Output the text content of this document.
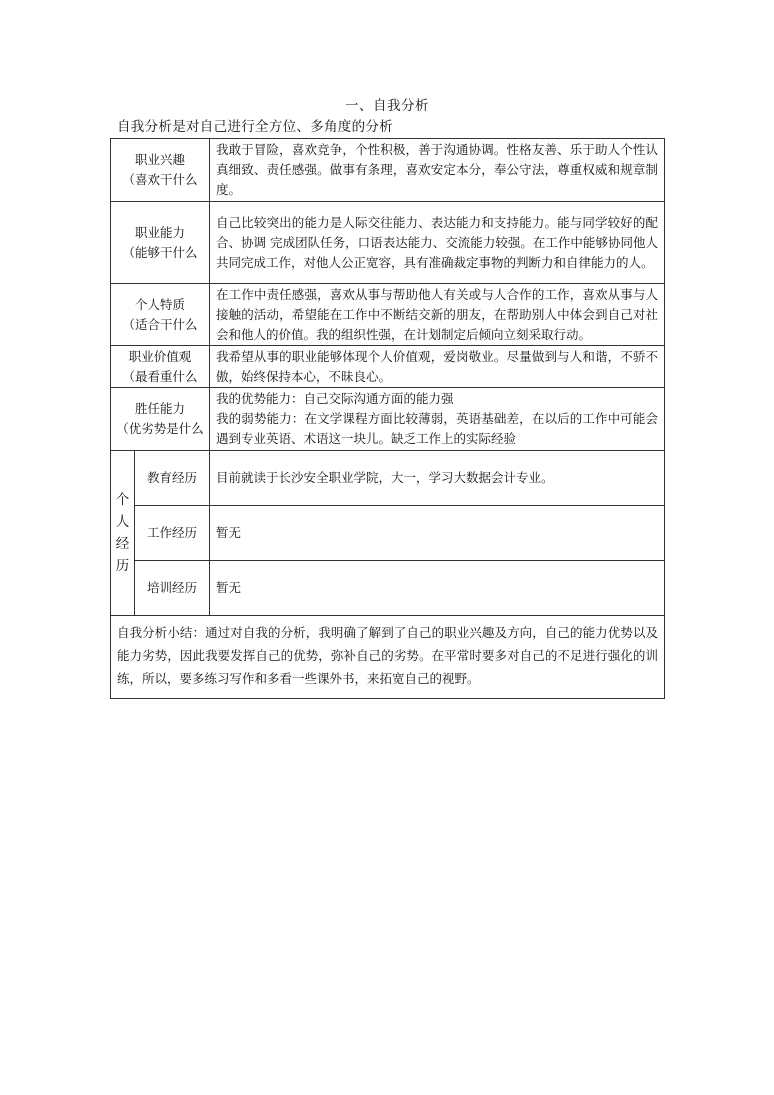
一、自我分析
自我分析是对自己进行全方位、多角度的分析
职业兴趣
（喜欢干什么		我敢于冒险，喜欢竞争，个性积极，善于沟通协调。性格友善、乐于助人个性认真细致、责任感强。做事有条理，喜欢安定本分，奉公守法，尊重权威和规章制度。

职业能力
（能够干什么		自己比较突出的能力是人际交往能力、表达能力和支持能力。能与同学较好的配合、协调 完成团队任务，口语表达能力、交流能力较强。在工作中能够协同他人共同完成工作，对他人公正宽容，具有准确裁定事物的判断力和自律能力的人。

个人特质
（适合干什么		在工作中责任感强，喜欢从事与帮助他人有关或与人合作的工作，喜欢从事与人接触的活动，希望能在工作中不断结交新的朋友，在帮助别人中体会到自己对社会和他人的价值。我的组织性强，在计划制定后倾向立刻采取行动。

职业价值观
（最看重什么		我希望从事的职业能够体现个人价值观，爱岗敬业。尽量做到与人和谐，不骄不傲，始终保持本心，不昧良心。

胜任能力
（优劣势是什么		我的优势能力：自己交际沟通方面的能力强
我的弱势能力：在文学课程方面比较薄弱，英语基础差，在以后的工作中可能会遇到专业英语、术语这一块儿。缺乏工作上的实际经验

个
人
经
历	教育经历	目前就读于长沙安全职业学院，大一，学习大数据会计专业。
	工作经历	暂无
	培训经历	暂无
自我分析小结：通过对自我的分析，我明确了解到了自己的职业兴趣及方向，自己的能力优势以及能力劣势，因此我要发挥自己的优势，弥补自己的劣势。在平常时要多对自己的不足进行强化的训练，所以，要多练习写作和多看一些课外书，来拓宽自己的视野。		
